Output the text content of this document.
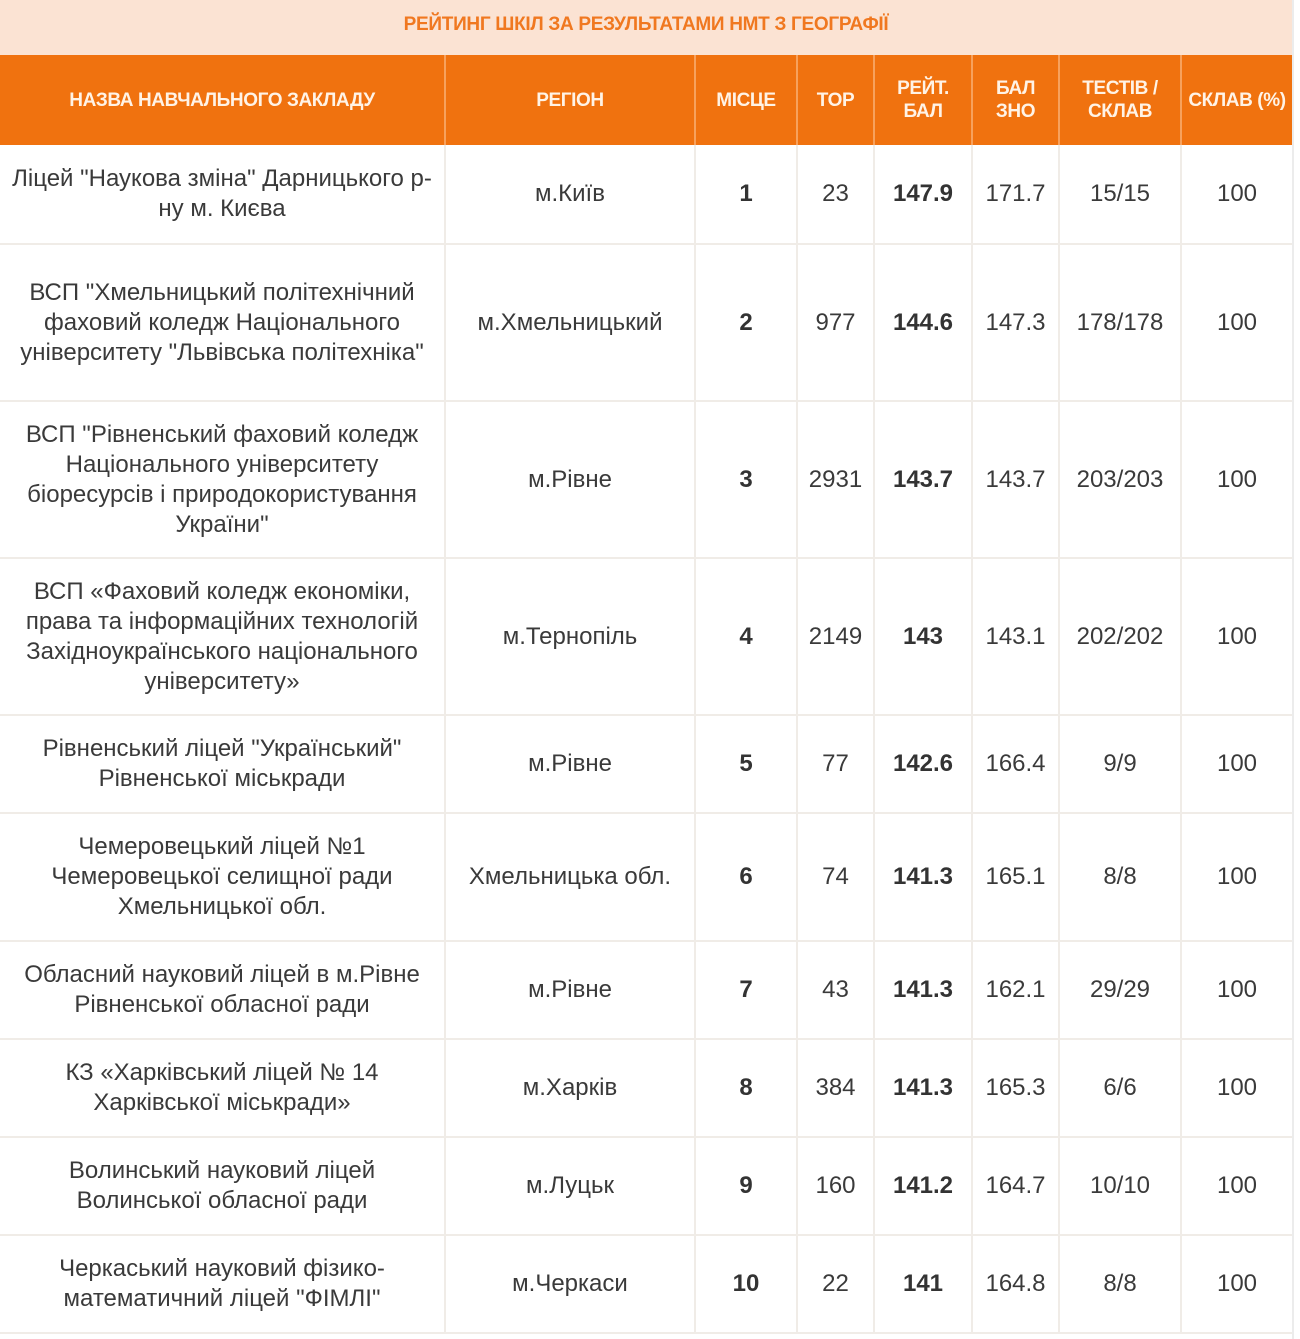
РЕЙТИНГ ШКІЛ ЗА РЕЗУЛЬТАТАМИ НМТ З ГЕОГРАФІЇ
НАЗВА НАВЧАЛЬНОГО ЗАКЛАДУ	РЕГІОН	МІСЦЕ	TOP	РЕЙТ. БАЛ	БАЛ ЗНО	ТЕСТІВ / СКЛАВ	СКЛАВ (%)
Ліцей "Наукова зміна" Дарницького р-ну м. Києва	м.Київ	1	23	147.9	171.7	15/15	100
ВСП "Хмельницький політехнічний фаховий коледж Національного університету "Львівська політехніка"	м.Хмельницький	2	977	144.6	147.3	178/178	100
ВСП "Рівненський фаховий коледж Національного університету біоресурсів і природокористування України"	м.Рівне	3	2931	143.7	143.7	203/203	100
ВСП «Фаховий коледж економіки, права та інформаційних технологій Західноукраїнського національного університету»	м.Тернопіль	4	2149	143	143.1	202/202	100
Рівненський ліцей "Український" Рівненської міськради	м.Рівне	5	77	142.6	166.4	9/9	100
Чемеровецький ліцей №1 Чемеровецької селищної ради Хмельницької обл.	Хмельницька обл.	6	74	141.3	165.1	8/8	100
Обласний науковий ліцей в м.Рівне Рівненської обласної ради	м.Рівне	7	43	141.3	162.1	29/29	100
КЗ «Харківський ліцей № 14 Харківської міськради»	м.Харків	8	384	141.3	165.3	6/6	100
Волинський науковий ліцей Волинської обласної ради	м.Луцьк	9	160	141.2	164.7	10/10	100
Черкаський науковий фізико-математичний ліцей "ФІМЛІ"	м.Черкаси	10	22	141	164.8	8/8	100
